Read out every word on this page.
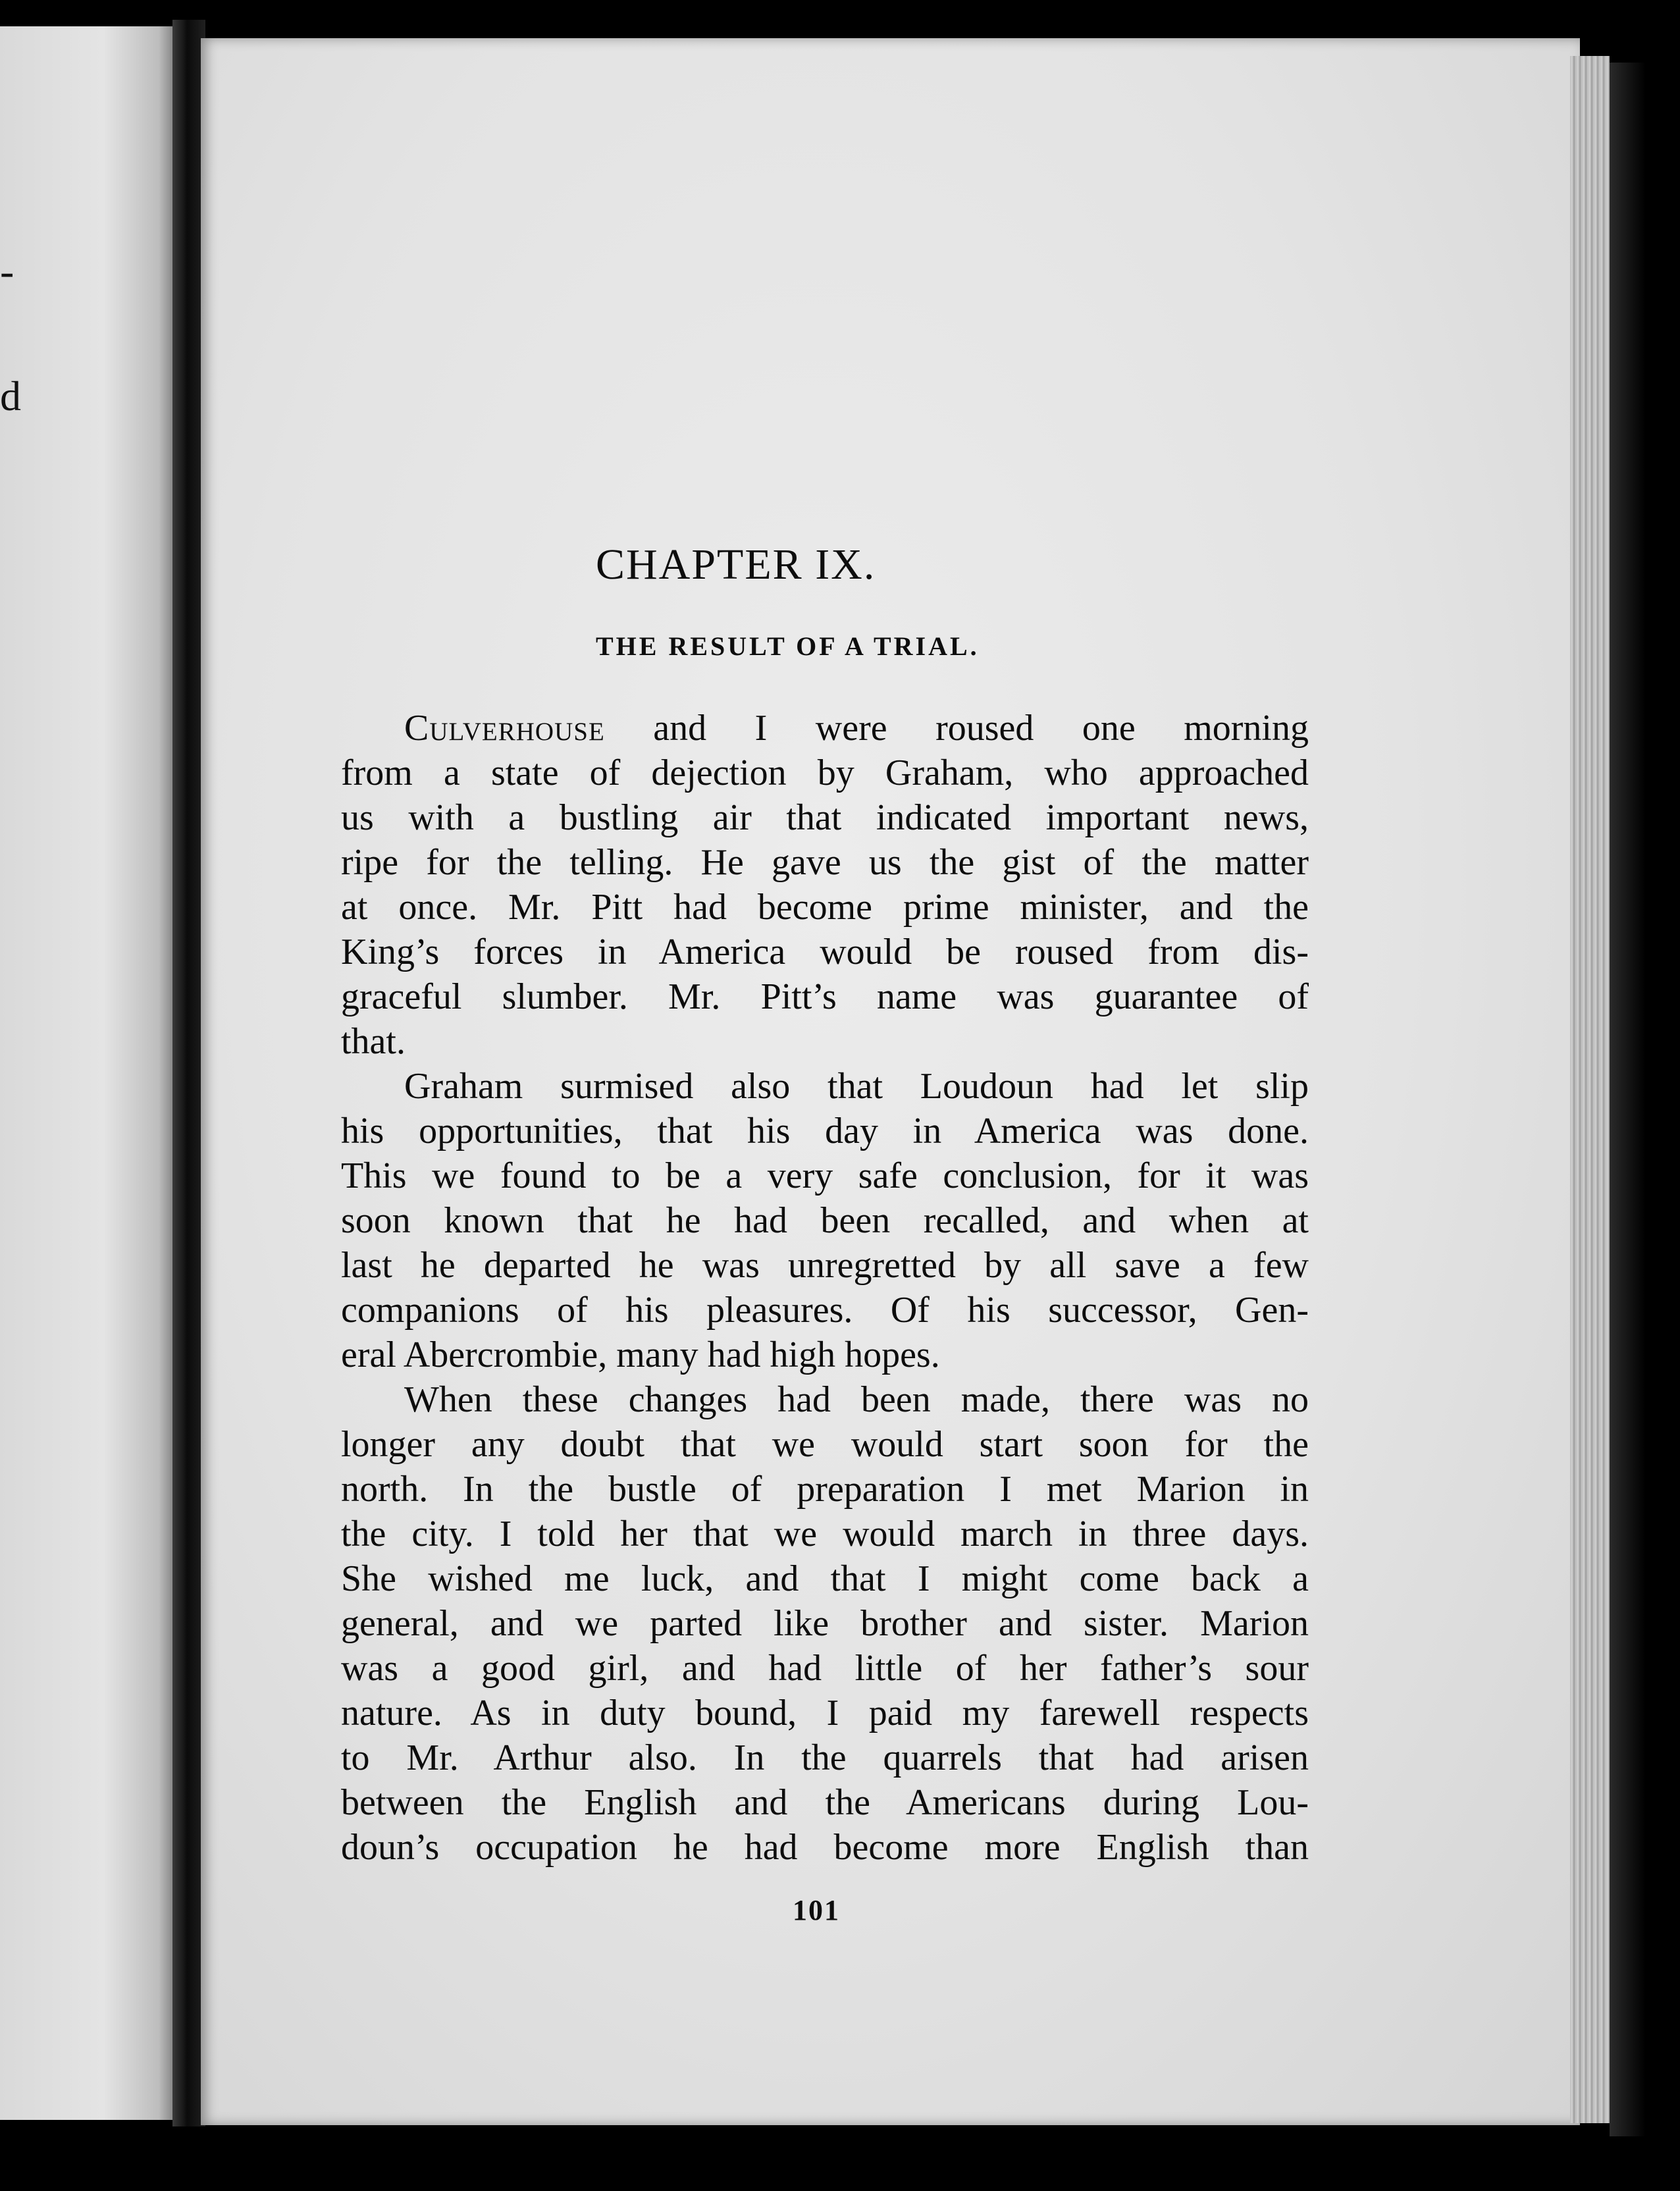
-
d
CHAPTER IX.
THE RESULT OF A TRIAL.
Culverhouse and I were roused one morning
from a state of dejection by Graham, who approached
us with a bustling air that indicated important news,
ripe for the telling. He gave us the gist of the matter
at once. Mr. Pitt had become prime minister, and the
King’s forces in America would be roused from dis-
graceful slumber. Mr. Pitt’s name was guarantee of
that.
Graham surmised also that Loudoun had let slip
his opportunities, that his day in America was done.
This we found to be a very safe conclusion, for it was
soon known that he had been recalled, and when at
last he departed he was unregretted by all save a few
companions of his pleasures. Of his successor, Gen-
eral Abercrombie, many had high hopes.
When these changes had been made, there was no
longer any doubt that we would start soon for the
north. In the bustle of preparation I met Marion in
the city. I told her that we would march in three days.
She wished me luck, and that I might come back a
general, and we parted like brother and sister. Marion
was a good girl, and had little of her father’s sour
nature. As in duty bound, I paid my farewell respects
to Mr. Arthur also. In the quarrels that had arisen
between the English and the Americans during Lou-
doun’s occupation he had become more English than

101
